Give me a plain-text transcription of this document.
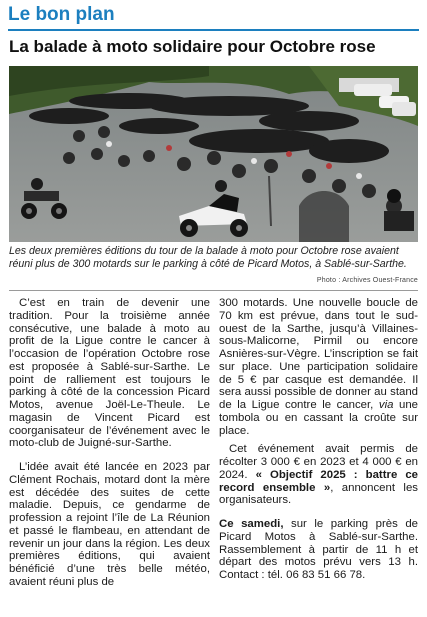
Le bon plan
La balade à moto solidaire pour Octobre rose
Les deux premières éditions du tour de la balade à moto pour Octobre rose avaient réuni plus de 300 motards sur le parking à côté de Picard Motos, à Sablé-sur-Sarthe.
Photo : Archives Ouest-France

C’est en train de devenir une tradition. Pour la troisième année consécutive, une balade à moto au profit de la Ligue contre le cancer à l’occasion de l’opération Octobre rose est proposée à Sablé-sur-Sarthe. Le point de ralliement est toujours le parking à côté de la concession Picard Motos, avenue Joël-Le-Theule. Le magasin de Vincent Picard est coorganisateur de l’événement avec le moto-club de Juigné-sur-Sarthe.

L’idée avait été lancée en 2023 par Clément Rochais, motard dont la mère est décédée des suites de cette maladie. Depuis, ce gendarme de profession a rejoint l’île de La Réunion et passé le flambeau, en attendant de revenir un jour dans la région. Les deux premières éditions, qui avaient bénéficié d’une très belle météo, avaient réuni plus de

300 motards. Une nouvelle boucle de 70 km est prévue, dans tout le sud-ouest de la Sarthe, jusqu’à Villaines-sous-Malicorne, Pirmil ou encore Asnières-sur-Vègre. L’inscription se fait sur place. Une participation solidaire de 5 € par casque est demandée. Il sera aussi possible de donner au stand de la Ligue contre le cancer, via une tombola ou en cassant la croûte sur place.

Cet événement avait permis de récolter 3 000 € en 2023 et 4 000 € en 2024. « Objectif 2025 : battre ce record ensemble », annoncent les organisateurs.

Ce samedi, sur le parking près de Picard Motos à Sablé-sur-Sarthe. Rassemblement à partir de 11 h et départ des motos prévu vers 13 h. Contact : tél. 06 83 51 66 78.
